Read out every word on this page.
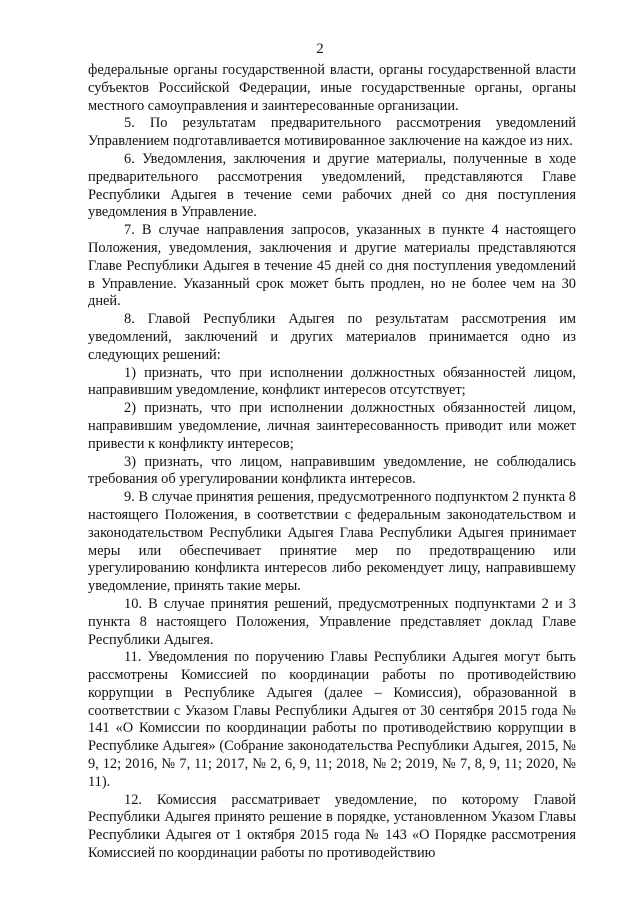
2

федеральные органы государственной власти, органы государственной власти субъектов Российской Федерации, иные государственные органы, органы местного самоуправления и заинтересованные организации.

5. По результатам предварительного рассмотрения уведомлений Управлением подготавливается мотивированное заключение на каждое из них.

6. Уведомления, заключения и другие материалы, полученные в ходе предварительного рассмотрения уведомлений, представляются Главе Республики Адыгея в течение семи рабочих дней со дня поступления уведомления в Управление.

7. В случае направления запросов, указанных в пункте 4 настоящего Положения, уведомления, заключения и другие материалы представляются Главе Республики Адыгея в течение 45 дней со дня поступления уведомлений в Управление. Указанный срок может быть продлен, но не более чем на 30 дней.

8. Главой Республики Адыгея по результатам рассмотрения им уведомлений, заключений и других материалов принимается одно из следующих решений:

1) признать, что при исполнении должностных обязанностей лицом, направившим уведомление, конфликт интересов отсутствует;

2) признать, что при исполнении должностных обязанностей лицом, направившим уведомление, личная заинтересованность приводит или может привести к конфликту интересов;

3) признать, что лицом, направившим уведомление, не соблюдались требования об урегулировании конфликта интересов.

9. В случае принятия решения, предусмотренного подпунктом 2 пункта 8 настоящего Положения, в соответствии с федеральным законодательством и законодательством Республики Адыгея Глава Республики Адыгея принимает меры или обеспечивает принятие мер по предотвращению или урегулированию конфликта интересов либо рекомендует лицу, направившему уведомление, принять такие меры.

10. В случае принятия решений, предусмотренных подпунктами 2 и 3 пункта 8 настоящего Положения, Управление представляет доклад Главе Республики Адыгея.

11. Уведомления по поручению Главы Республики Адыгея могут быть рассмотрены Комиссией по координации работы по противодействию коррупции в Республике Адыгея (далее – Комиссия), образованной в соответствии с Указом Главы Республики Адыгея от 30 сентября 2015 года № 141 «О Комиссии по координации работы по противодействию коррупции в Республике Адыгея» (Собрание законодательства Республики Адыгея, 2015, № 9, 12; 2016, № 7, 11; 2017, № 2, 6, 9, 11; 2018, № 2; 2019, № 7, 8, 9, 11; 2020, № 11).

12. Комиссия рассматривает уведомление, по которому Главой Республики Адыгея принято решение в порядке, установленном Указом Главы Республики Адыгея от 1 октября 2015 года № 143 «О Порядке рассмотрения Комиссией по координации работы по противодействию
